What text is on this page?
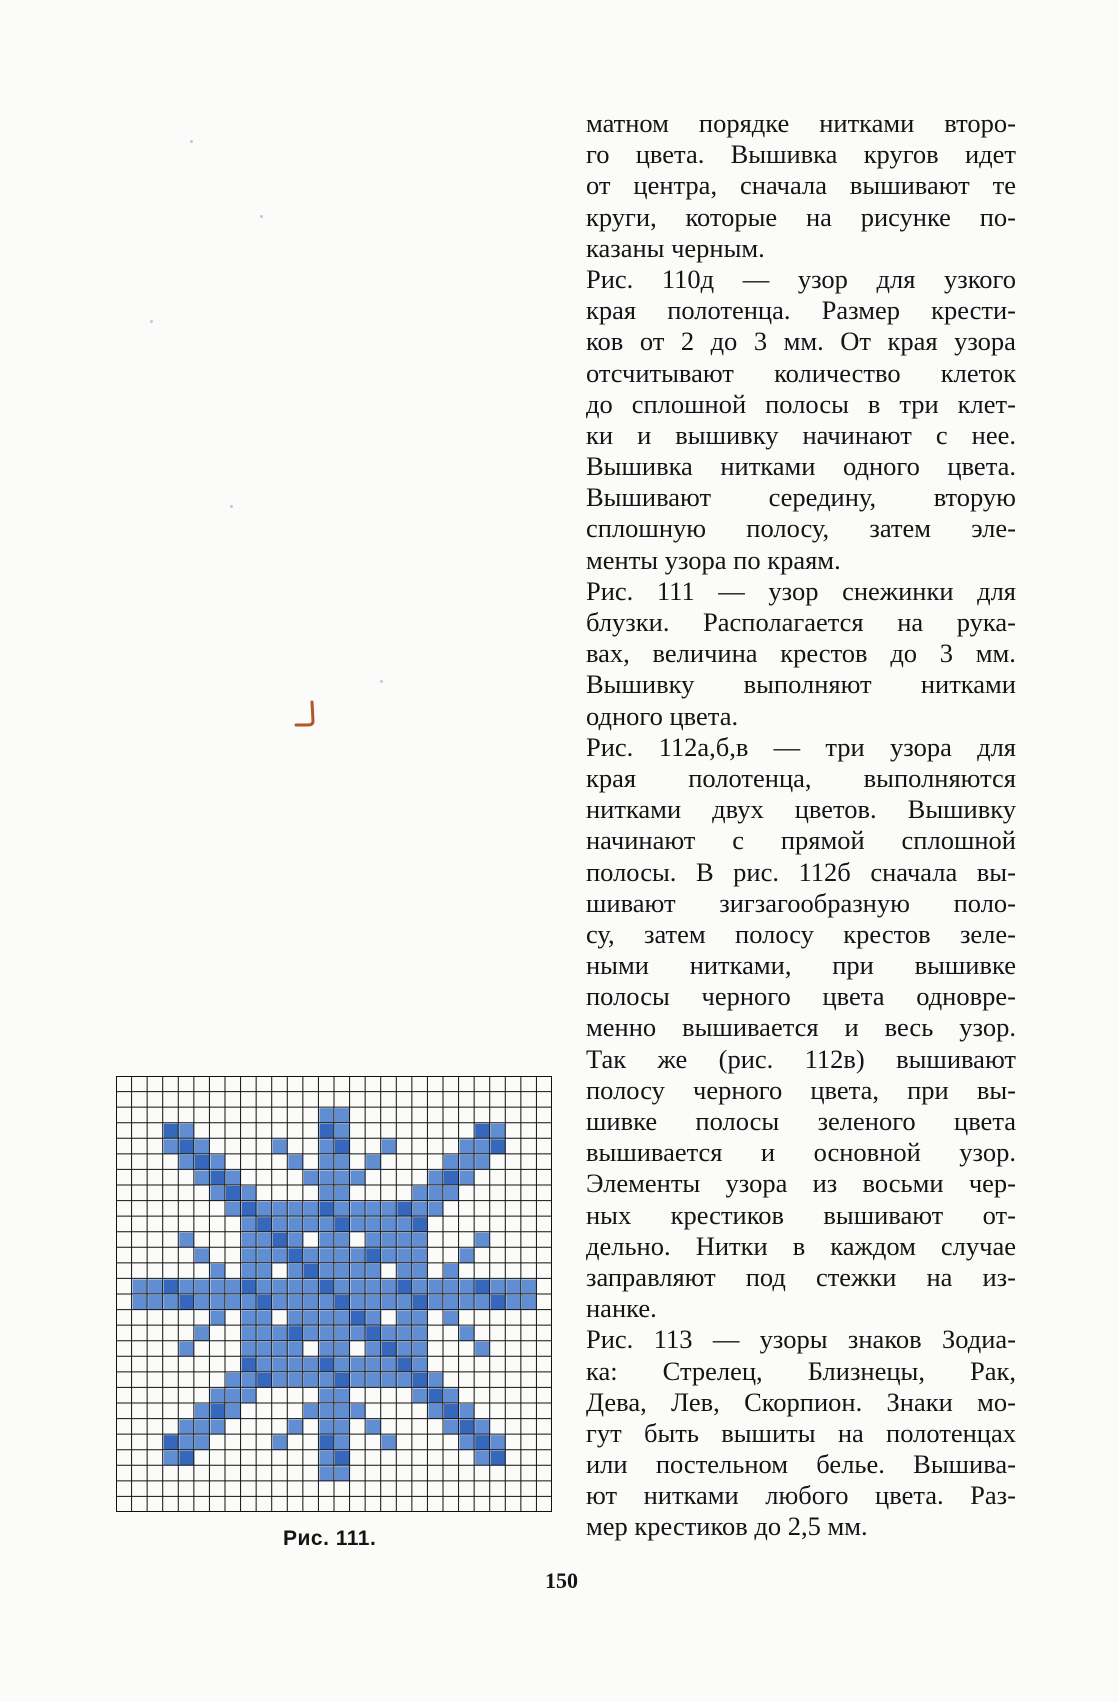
матном порядке нитками второ-
го цвета. Вышивка кругов идет
от центра, сначала вышивают те
круги, которые на рисунке по-
казаны черным.
Рис. 110д — узор для узкого
края полотенца. Размер крести-
ков от 2 до 3 мм. От края узора
отсчитывают количество клеток
до сплошной полосы в три клет-
ки и вышивку начинают с нее.
Вышивка нитками одного цвета.
Вышивают середину, вторую
сплошную полосу, затем эле-
менты узора по краям.
Рис. 111 — узор снежинки для
блузки. Располагается на рука-
вах, величина крестов до 3 мм.
Вышивку выполняют нитками
одного цвета.
Рис. 112а,б,в — три узора для
края полотенца, выполняются
нитками двух цветов. Вышивку
начинают с прямой сплошной
полосы. В рис. 112б сначала вы-
шивают зигзагообразную поло-
су, затем полосу крестов зеле-
ными нитками, при вышивке
полосы черного цвета одновре-
менно вышивается и весь узор.
Так же (рис. 112в) вышивают
полосу черного цвета, при вы-
шивке полосы зеленого цвета
вышивается и основной узор.
Элементы узора из восьми чер-
ных крестиков вышивают от-
дельно. Нитки в каждом случае
заправляют под стежки на из-
нанке.
Рис. 113 — узоры знаков Зодиа-
ка: Стрелец, Близнецы, Рак,
Дева, Лев, Скорпион. Знаки мо-
гут быть вышиты на полотенцах
или постельном белье. Вышива-
ют нитками любого цвета. Раз-
мер крестиков до 2,5 мм.
Рис. 111.
150
